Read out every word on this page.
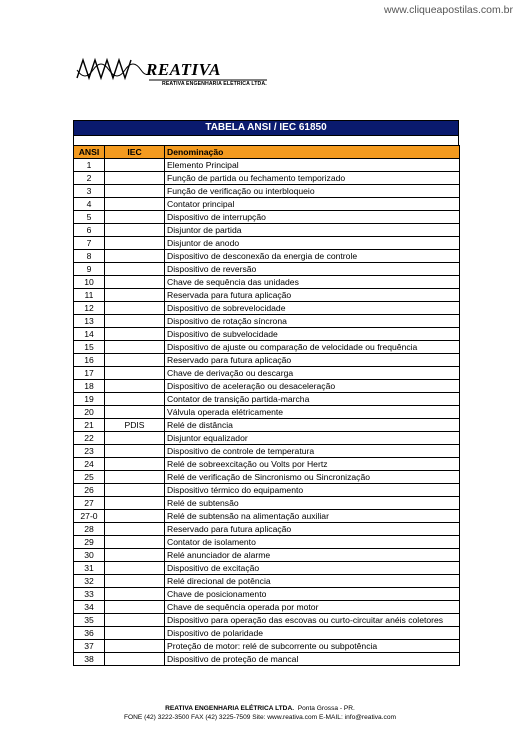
www.cliqueapostilas.com.br
REATIVA
REATIVA ENGENHARIA ELÉTRICA LTDA.
TABELA ANSI / IEC 61850
ANSI	IEC	Denominação
1		Elemento Principal
2		Função de partida ou fechamento temporizado
3		Função de verificação ou interbloqueio
4		Contator principal
5		Dispositivo de interrupção
6		Disjuntor de partida
7		Disjuntor de anodo
8		Dispositivo de desconexão da energia de controle
9		Dispositivo de reversão
10		Chave de sequência das unidades
11		Reservada para futura aplicação
12		Dispositivo de sobrevelocidade
13		Dispositivo de rotação síncrona
14		Dispositivo de subvelocidade
15		Dispositivo de ajuste ou comparação de velocidade ou frequência
16		Reservado para futura aplicação
17		Chave de derivação ou descarga
18		Dispositivo de aceleração ou desaceleração
19		Contator de transição partida-marcha
20		Válvula operada elétricamente
21	PDIS	Relé de distância
22		Disjuntor equalizador
23		Dispositivo de controle de temperatura
24		Relé de sobreexcitação ou Volts por Hertz
25		Relé de verificação de Sincronismo ou Sincronização
26		Dispositivo térmico do equipamento
27		Relé de subtensão
27-0		Relé de subtensão na alimentação auxiliar
28		Reservado para futura aplicação
29		Contator de isolamento
30		Relé anunciador de alarme
31		Dispositivo de excitação
32		Relé direcional de potência
33		Chave de posicionamento
34		Chave de sequência operada por motor
35		Dispositivo para operação das escovas ou curto-circuitar anéis coletores
36		Dispositivo de polaridade
37		Proteção de motor: relé de subcorrente ou subpotência
38		Dispositivo de proteção de mancal
REATIVA ENGENHARIA ELÉTRICA LTDA. Ponta Grossa - PR.
FONE (42) 3222-3500 FAX (42) 3225-7509 Site: www.reativa.com E-MAIL: info@reativa.com
